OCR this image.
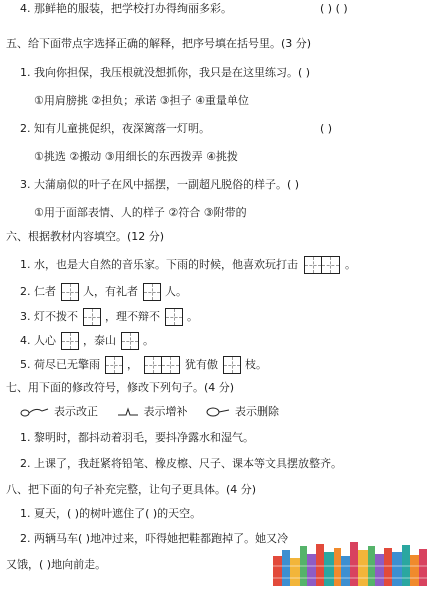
4. 那鲜艳的服装，把学校打办得绚丽多彩。	( ) ( )
五、给下面带点字选择正确的解释，把序号填在括号里。(3 分)
1. 我向你担保，我压根就没想抓你，我只是在这里练习。( )
①用肩膀挑 ②担负；承诺 ③担子 ④重量单位
2. 知有儿童挑促织，夜深篱落一灯明。	( )
①挑选 ②搬动 ③用细长的东西拨弄 ④挑拨
3. 大蒲扇似的叶子在风中摇摆，一副超凡脱俗的样子。( )
①用于面部表情、人的样子 ②符合 ③附带的
六、根据教材内容填空。(12 分)
1. 水，也是大自然的音乐家。下雨的时候，他喜欢玩打击	。
2. 仁者 人，有礼者 人。
3. 灯不拨不 ，理不辩不 。
4. 人心 ，泰山 。
5. 荷尽已无擎雨 ，	犹有傲 枝。
七、用下面的修改符号，修改下列句子。(4 分)
表示改正	表示增补	表示删除
1. 黎明时，都抖动着羽毛，要抖净露水和湿气。
2. 上课了，我赶紧将铅笔、橡皮檫、尺子、课本等文具摆放整齐。
八、把下面的句子补充完整，让句子更具体。(4 分)
1. 夏天，( )的树叶遮住了( )的天空。
2. 两辆马车( )地冲过来，吓得她把鞋都跑掉了。她又冷
又饿，( )地向前走。
